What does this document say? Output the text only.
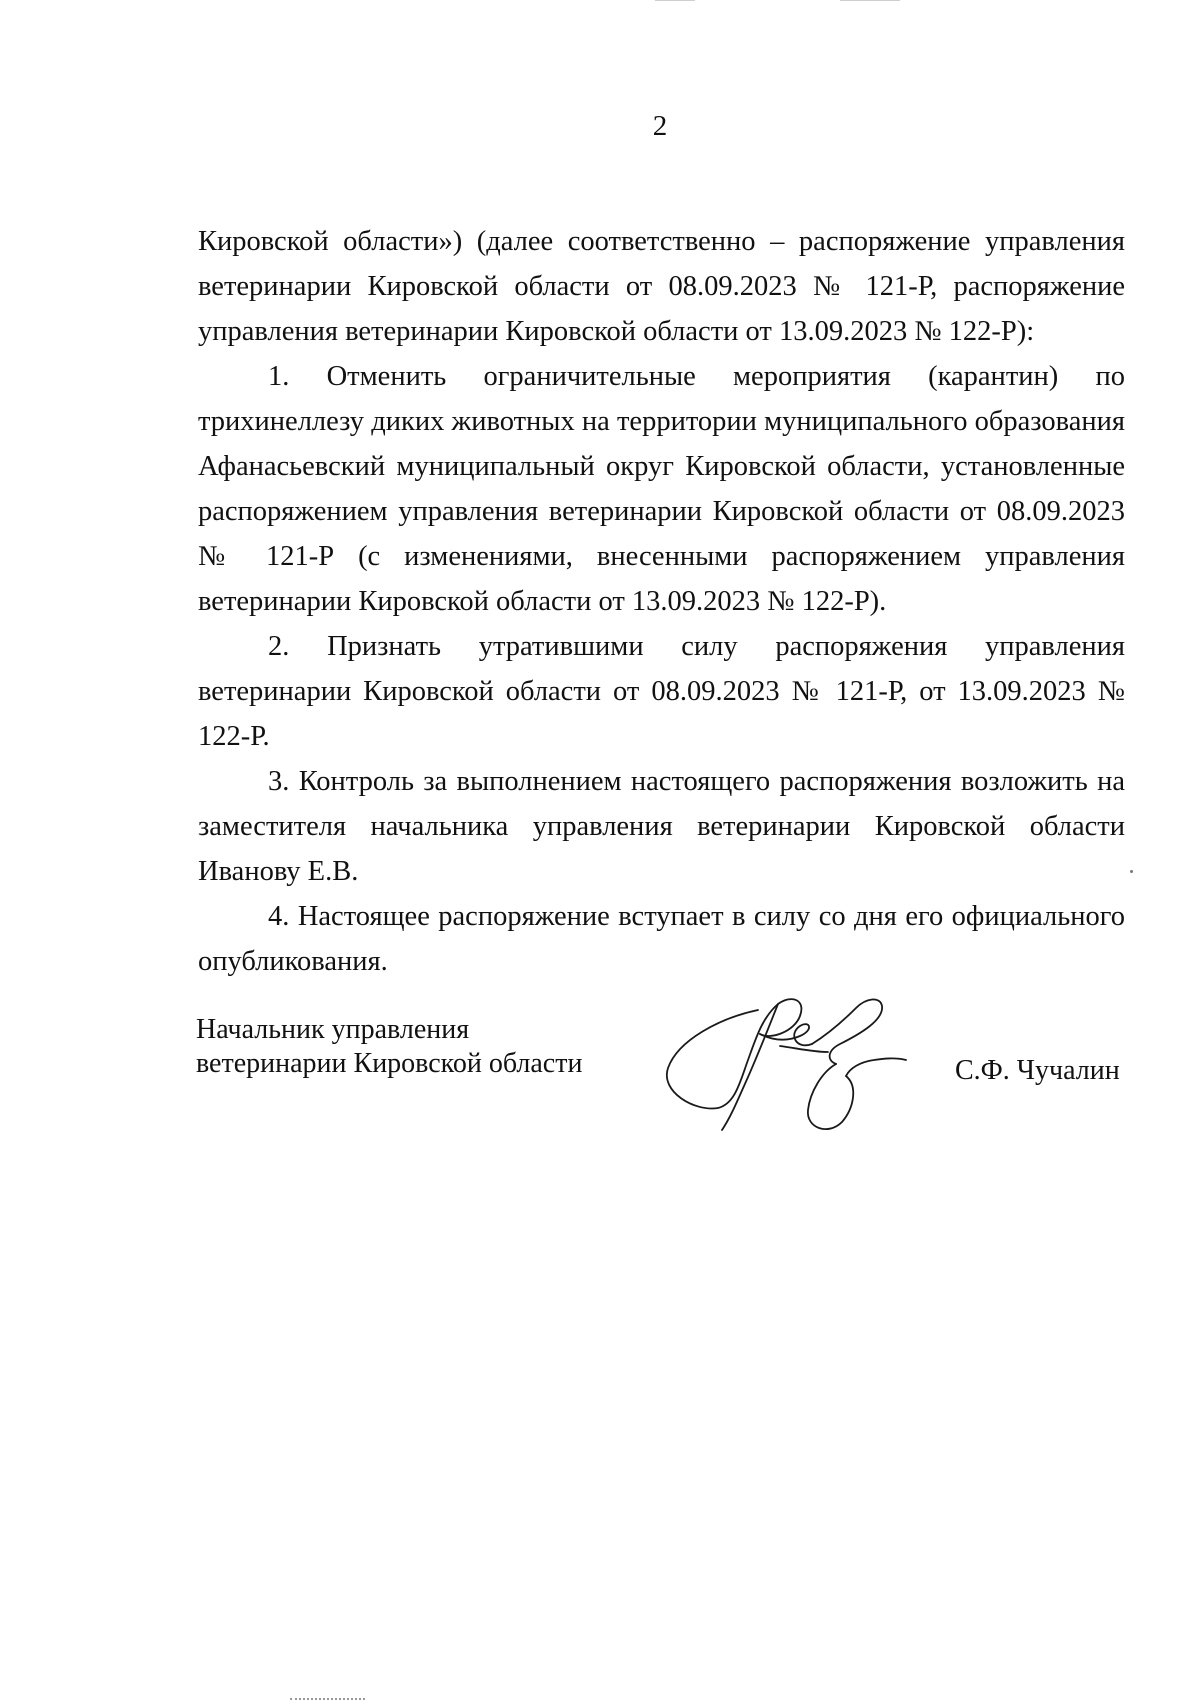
2

Кировской области») (далее соответственно – распоряжение управления ветеринарии Кировской области от 08.09.2023 № 121-Р, распоряжение управления ветеринарии Кировской области от 13.09.2023 № 122-Р):

1. Отменить ограничительные мероприятия (карантин) по трихинеллезу диких животных на территории муниципального образования Афанасьевский муниципальный округ Кировской области, установленные распоряжением управления ветеринарии Кировской области от 08.09.2023 № 121-Р (с изменениями, внесенными распоряжением управления ветеринарии Кировской области от 13.09.2023 № 122-Р).

2. Признать утратившими силу распоряжения управления ветеринарии Кировской области от 08.09.2023 № 121-Р, от 13.09.2023 № 122-Р.

3. Контроль за выполнением настоящего распоряжения возложить на заместителя начальника управления ветеринарии Кировской области Иванову Е.В.

4. Настоящее распоряжение вступает в силу со дня его официального опубликования.

Начальник управления
ветеринарии Кировской области	С.Ф. Чучалин
